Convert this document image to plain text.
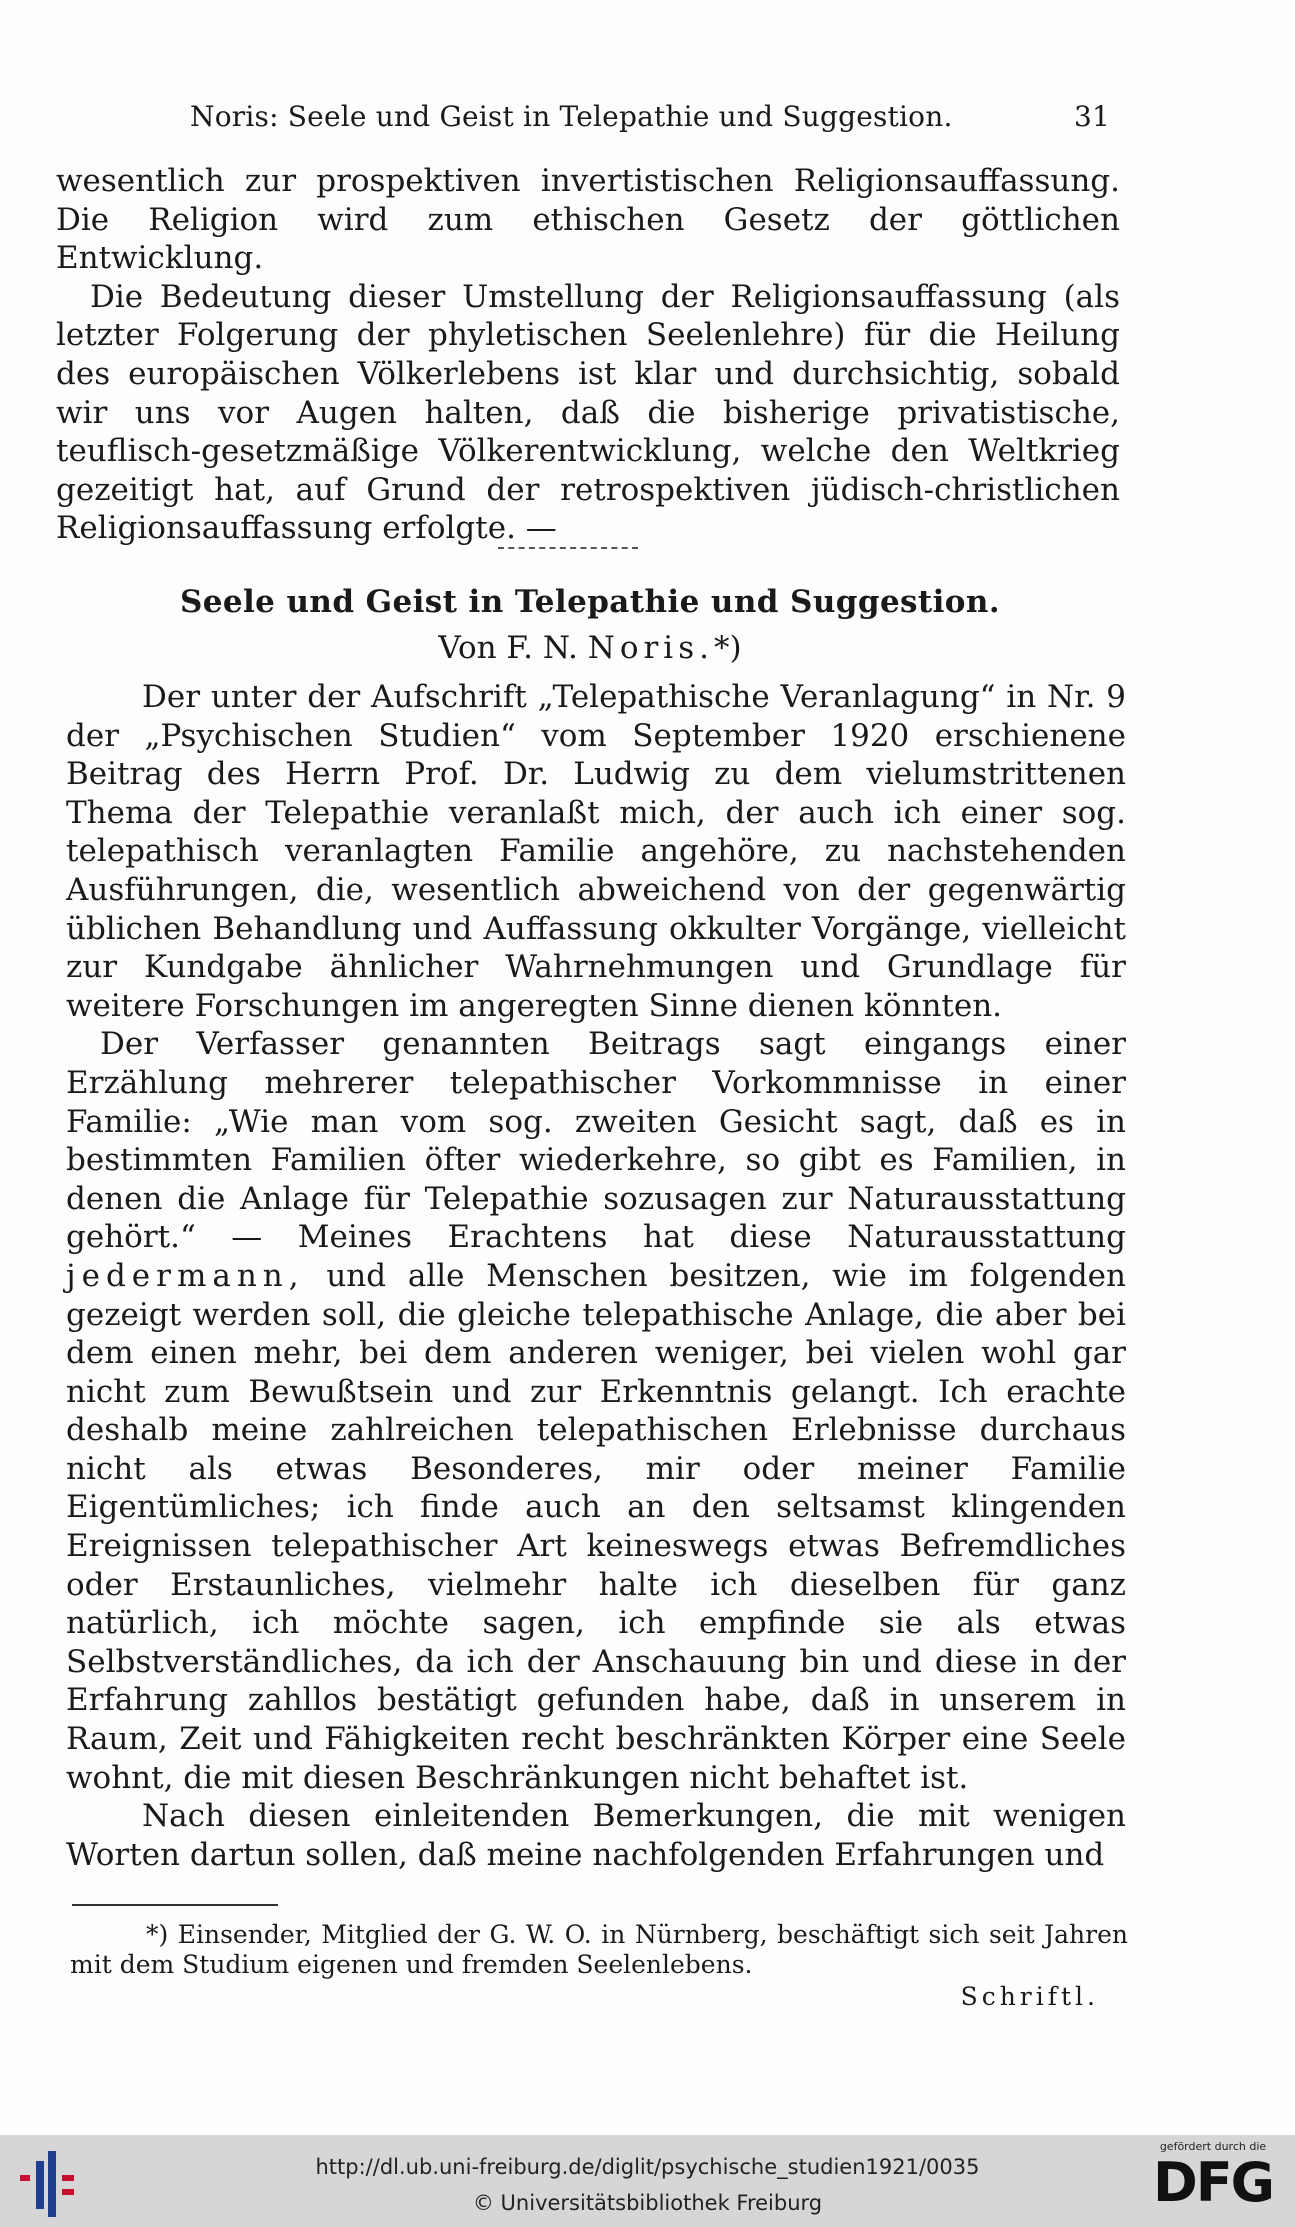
Noris: Seele und Geist in Telepathie und Suggestion.	31

wesentlich zur prospektiven invertistischen Religionsauffassung. Die Religion wird zum ethischen Gesetz der göttlichen Entwicklung.

Die Bedeutung dieser Umstellung der Religionsauffassung (als letzter Folgerung der phyletischen Seelenlehre) für die Heilung des europäischen Völkerlebens ist klar und durchsichtig, sobald wir uns vor Augen halten, daß die bisherige privatistische, teuflisch-gesetzmäßige Völkerentwicklung, welche den Weltkrieg gezeitigt hat, auf Grund der retrospektiven jüdisch-christlichen Religionsauffassung erfolgte. —

Seele und Geist in Telepathie und Suggestion.
Von F. N. Noris.*)

Der unter der Aufschrift „Telepathische Veranlagung“ in Nr. 9 der „Psychischen Studien“ vom September 1920 erschienene Beitrag des Herrn Prof. Dr. Ludwig zu dem vielumstrittenen Thema der Telepathie veranlaßt mich, der auch ich einer sog. telepathisch veranlagten Familie angehöre, zu nachstehenden Ausführungen, die, wesentlich abweichend von der gegenwärtig üblichen Behandlung und Auffassung okkulter Vorgänge, vielleicht zur Kundgabe ähnlicher Wahrnehmungen und Grundlage für weitere Forschungen im angeregten Sinne dienen könnten.

Der Verfasser genannten Beitrags sagt eingangs einer Erzählung mehrerer telepathischer Vorkommnisse in einer Familie: „Wie man vom sog. zweiten Gesicht sagt, daß es in bestimmten Familien öfter wiederkehre, so gibt es Familien, in denen die Anlage für Telepathie sozusagen zur Naturausstattung gehört.“ — Meines Erachtens hat diese Naturausstattung jedermann, und alle Menschen besitzen, wie im folgenden gezeigt werden soll, die gleiche telepathische Anlage, die aber bei dem einen mehr, bei dem anderen weniger, bei vielen wohl gar nicht zum Bewußtsein und zur Erkenntnis gelangt. Ich erachte deshalb meine zahlreichen telepathischen Erlebnisse durchaus nicht als etwas Besonderes, mir oder meiner Familie Eigentümliches; ich finde auch an den seltsamst klingenden Ereignissen telepathischer Art keineswegs etwas Befremdliches oder Erstaunliches, vielmehr halte ich dieselben für ganz natürlich, ich möchte sagen, ich empfinde sie als etwas Selbstverständliches, da ich der Anschauung bin und diese in der Erfahrung zahllos bestätigt gefunden habe, daß in unserem in Raum, Zeit und Fähigkeiten recht beschränkten Körper eine Seele wohnt, die mit diesen Beschränkungen nicht behaftet ist.

Nach diesen einleitenden Bemerkungen, die mit wenigen Worten dartun sollen, daß meine nachfolgenden Erfahrungen und

*) Einsender, Mitglied der G. W. O. in Nürnberg, beschäftigt sich seit Jahren mit dem Studium eigenen und fremden Seelenlebens.

Schriftl.
http://dl.ub.uni-freiburg.de/diglit/psychische_studien1921/0035
© Universitätsbibliothek Freiburg
gefördert durch die
DFG
